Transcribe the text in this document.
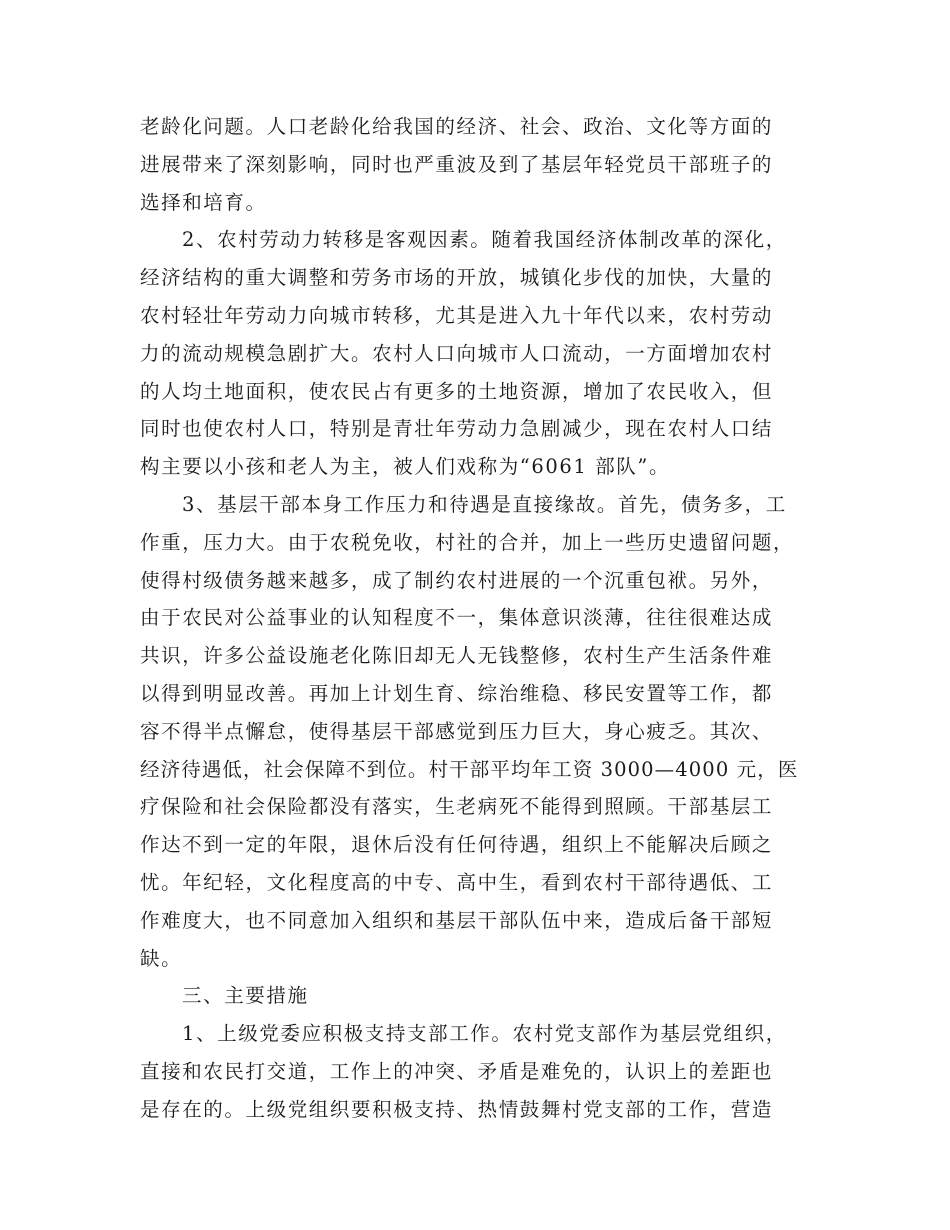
老龄化问题。人口老龄化给我国的经济、社会、政治、文化等方面的
进展带来了深刻影响，同时也严重波及到了基层年轻党员干部班子的
选择和培育。
2、农村劳动力转移是客观因素。随着我国经济体制改革的深化，
经济结构的重大调整和劳务市场的开放，城镇化步伐的加快，大量的
农村轻壮年劳动力向城市转移，尤其是进入九十年代以来，农村劳动
力的流动规模急剧扩大。农村人口向城市人口流动，一方面增加农村
的人均土地面积，使农民占有更多的土地资源，增加了农民收入，但
同时也使农村人口，特别是青壮年劳动力急剧减少，现在农村人口结
构主要以小孩和老人为主，被人们戏称为“6061 部队”。
3、基层干部本身工作压力和待遇是直接缘故。首先，债务多，工
作重，压力大。由于农税免收，村社的合并，加上一些历史遗留问题，
使得村级债务越来越多，成了制约农村进展的一个沉重包袱。另外，
由于农民对公益事业的认知程度不一，集体意识淡薄，往往很难达成
共识，许多公益设施老化陈旧却无人无钱整修，农村生产生活条件难
以得到明显改善。再加上计划生育、综治维稳、移民安置等工作，都
容不得半点懈怠，使得基层干部感觉到压力巨大，身心疲乏。其次、
经济待遇低，社会保障不到位。村干部平均年工资 3000—4000 元，医
疗保险和社会保险都没有落实，生老病死不能得到照顾。干部基层工
作达不到一定的年限，退休后没有任何待遇，组织上不能解决后顾之
忧。年纪轻，文化程度高的中专、高中生，看到农村干部待遇低、工
作难度大，也不同意加入组织和基层干部队伍中来，造成后备干部短
缺。
三、主要措施
1、上级党委应积极支持支部工作。农村党支部作为基层党组织，
直接和农民打交道，工作上的冲突、矛盾是难免的，认识上的差距也
是存在的。上级党组织要积极支持、热情鼓舞村党支部的工作，营造
